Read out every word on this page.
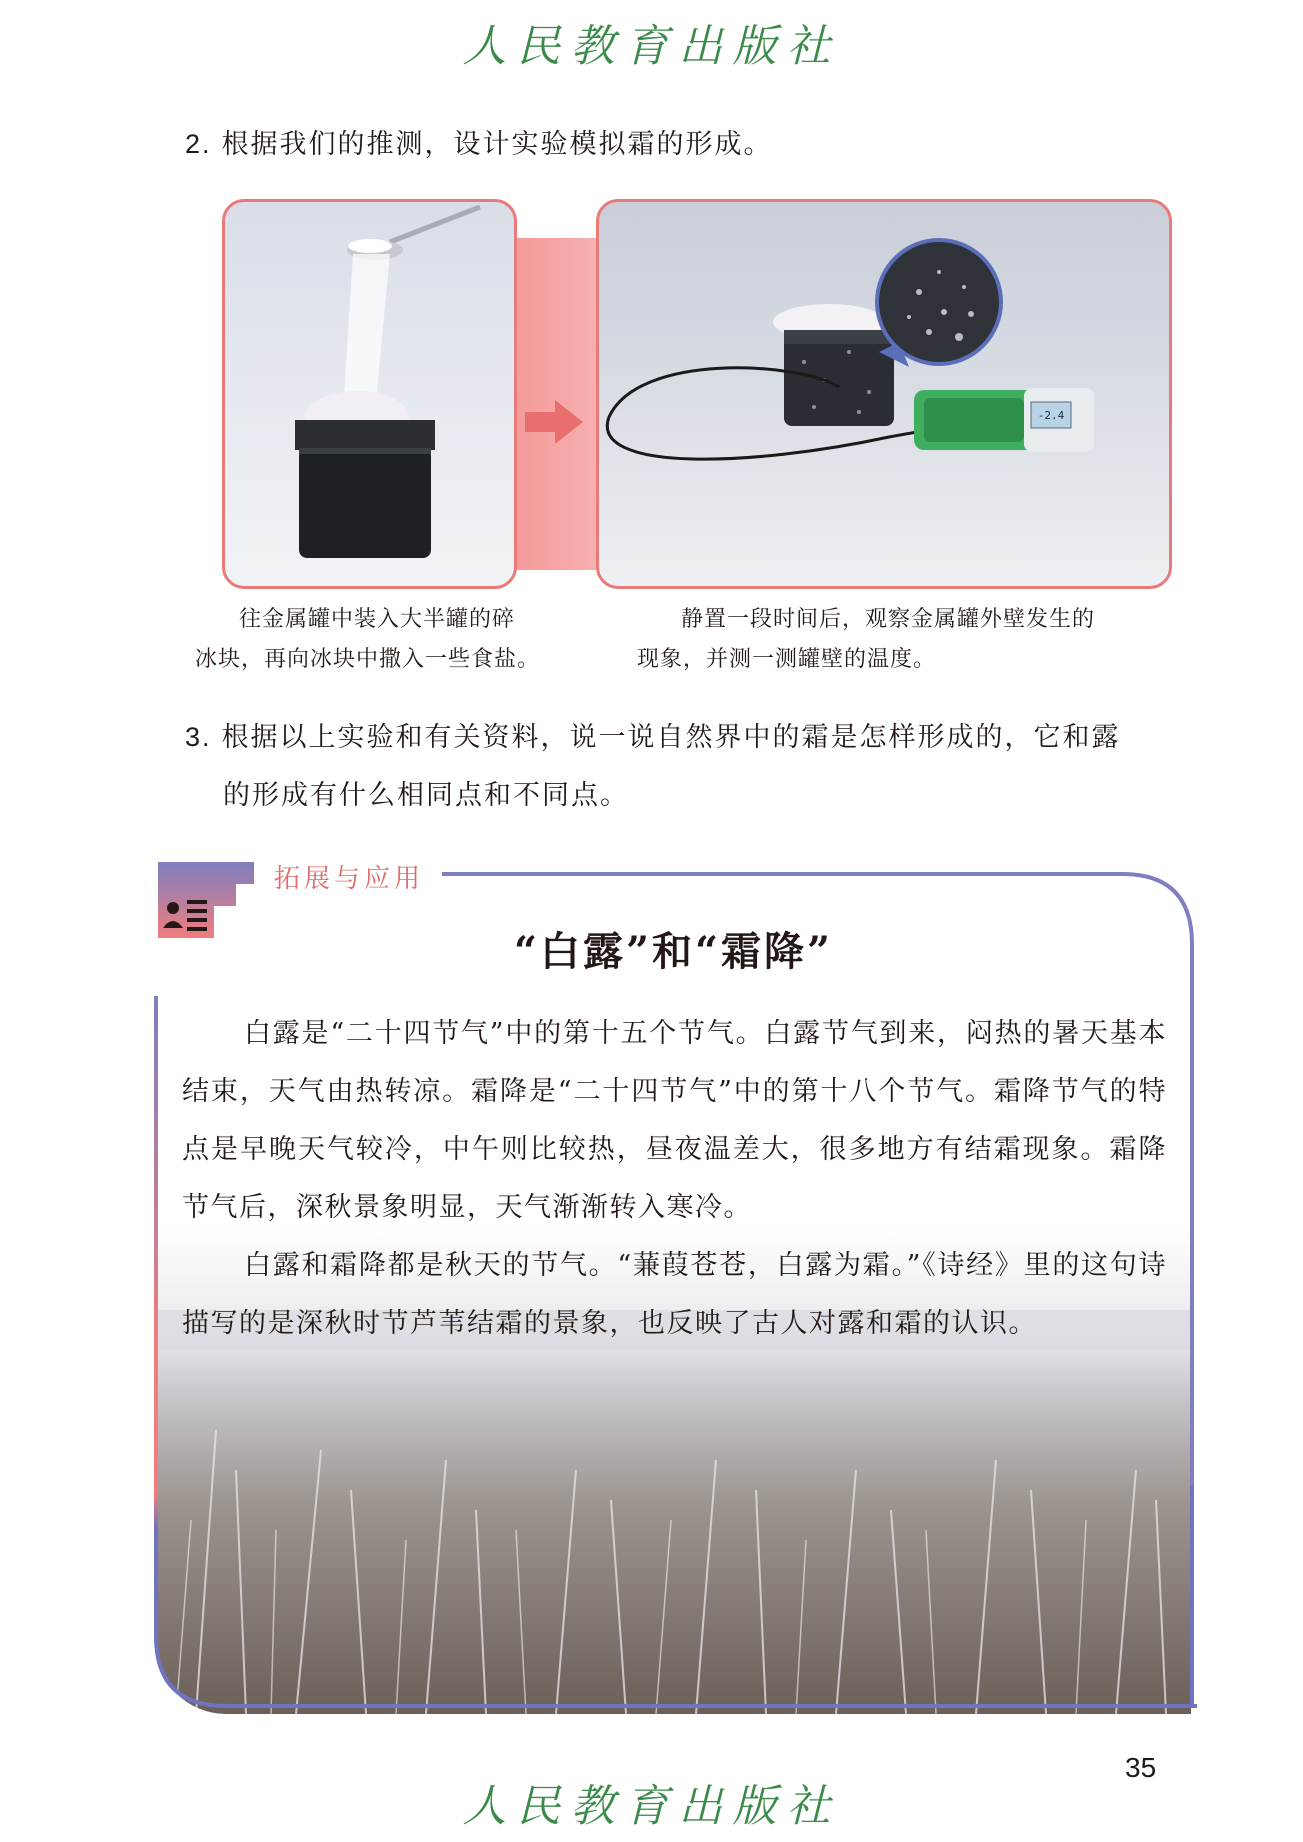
人民教育出版社
2. 根据我们的推测，设计实验模拟霜的形成。
-2.4
往金属罐中装入大半罐的碎
冰块，再向冰块中撒入一些食盐。
静置一段时间后，观察金属罐外壁发生的
现象，并测一测罐壁的温度。
3. 根据以上实验和有关资料，说一说自然界中的霜是怎样形成的，它和露
的形成有什么相同点和不同点。
拓展与应用
“白露”和“霜降”

白露是“二十四节气”中的第十五个节气。白露节气到来，闷热的暑天基本结束，天气由热转凉。霜降是“二十四节气”中的第十八个节气。霜降节气的特点是早晚天气较冷，中午则比较热，昼夜温差大，很多地方有结霜现象。霜降节气后，深秋景象明显，天气渐渐转入寒冷。

白露和霜降都是秋天的节气。“蒹葭苍苍，白露为霜。”《诗经》里的这句诗描写的是深秋时节芦苇结霜的景象，也反映了古人对露和霜的认识。

35
人民教育出版社
